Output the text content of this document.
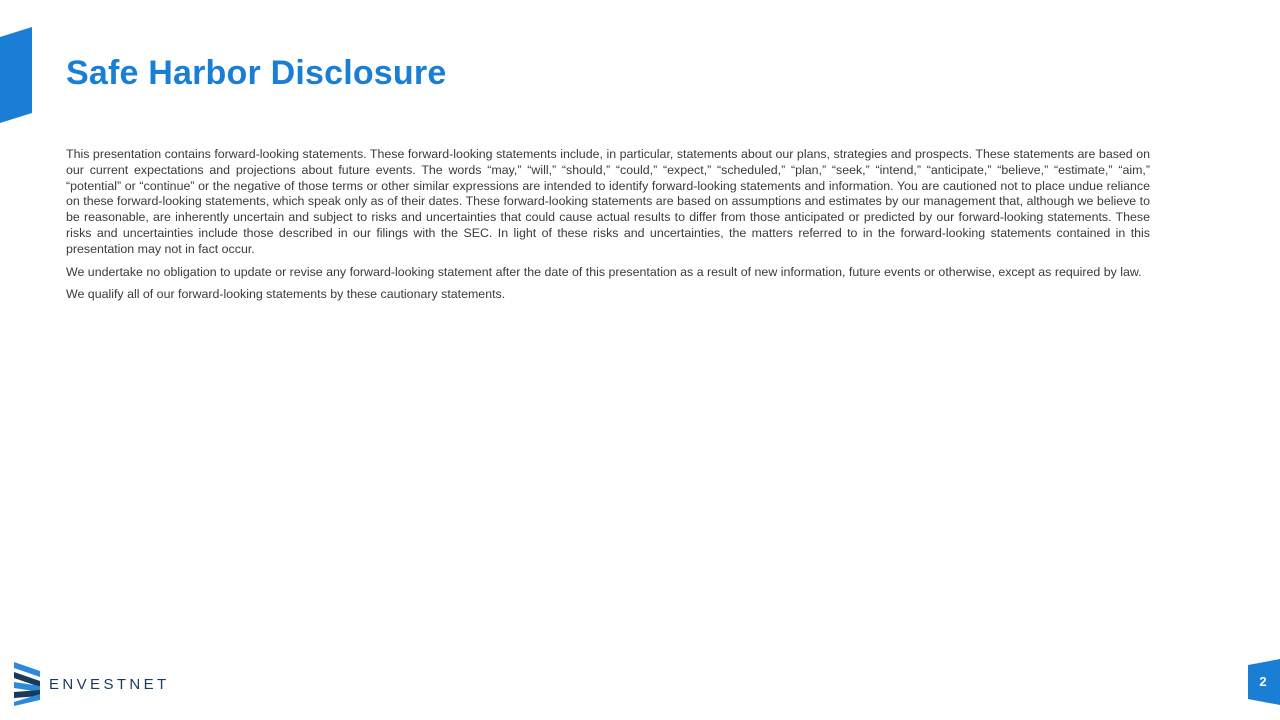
Safe Harbor Disclosure

This presentation contains forward-looking statements. These forward-looking statements include, in particular, statements about our plans, strategies and prospects. These statements are based on our current expectations and projections about future events. The words “may,” “will,” “should,” “could,” “expect,” “scheduled,” “plan,” “seek,” “intend,” “anticipate,” “believe,” “estimate,” “aim,” “potential” or “continue” or the negative of those terms or other similar expressions are intended to identify forward-looking statements and information. You are cautioned not to place undue reliance on these forward-looking statements, which speak only as of their dates. These forward-looking statements are based on assumptions and estimates by our management that, although we believe to be reasonable, are inherently uncertain and subject to risks and uncertainties that could cause actual results to differ from those anticipated or predicted by our forward-looking statements. These risks and uncertainties include those described in our filings with the SEC. In light of these risks and uncertainties, the matters referred to in the forward-looking statements contained in this presentation may not in fact occur.

We undertake no obligation to update or revise any forward-looking statement after the date of this presentation as a result of new information, future events or otherwise, except as required by law.

We qualify all of our forward-looking statements by these cautionary statements.

ENVESTNET	2
